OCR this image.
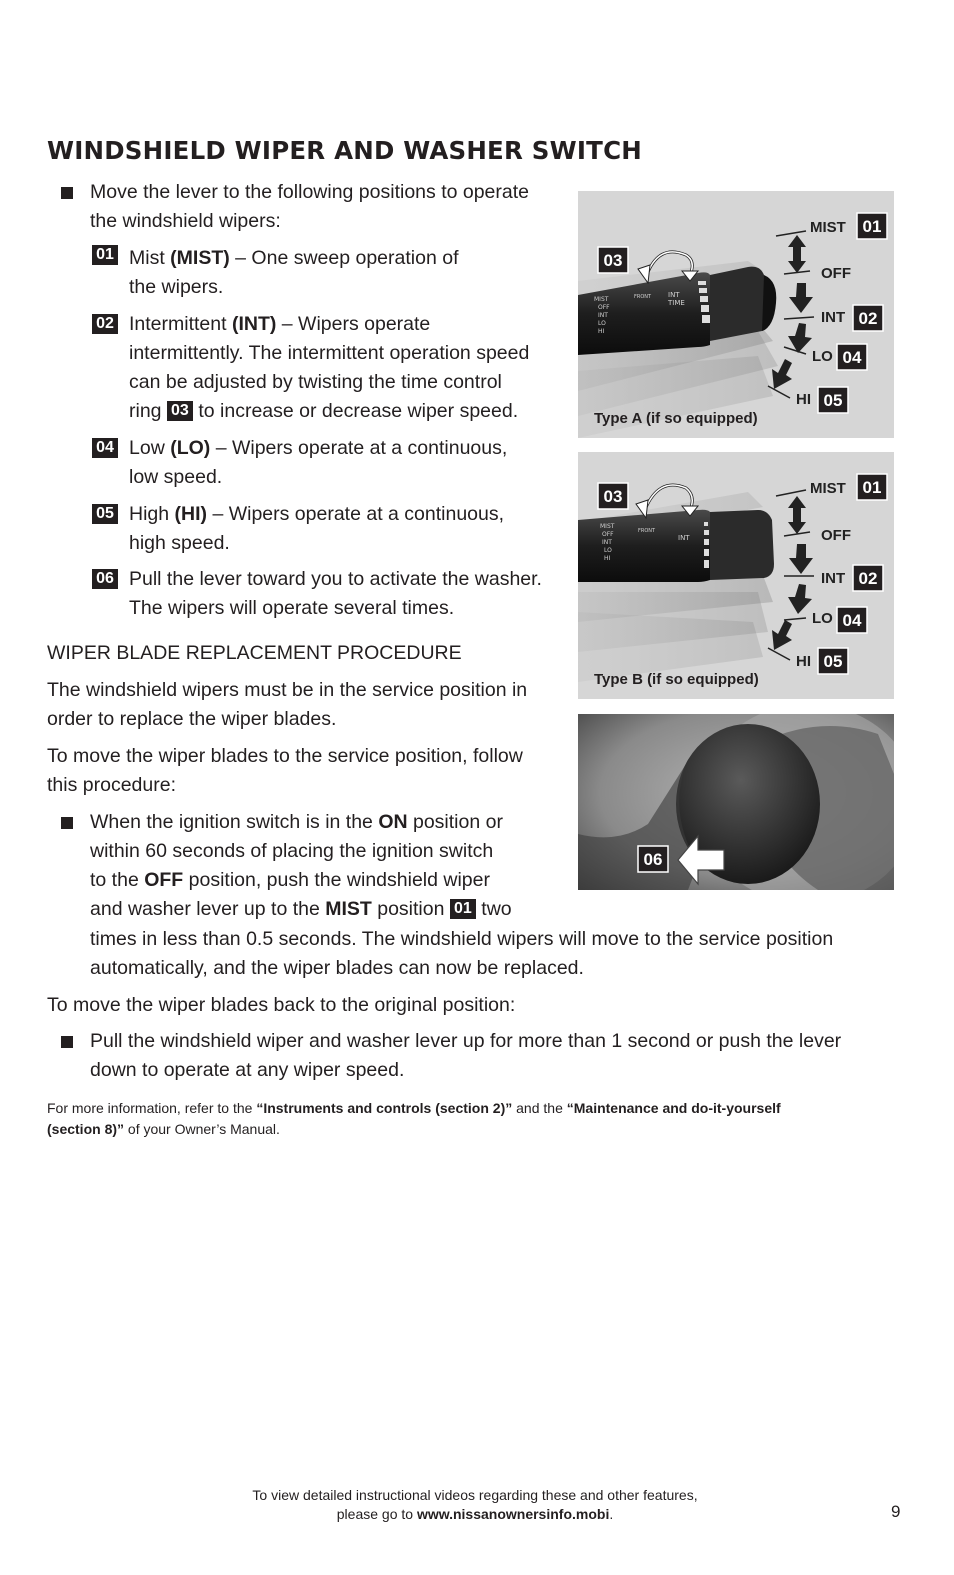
WINDSHIELD WIPER AND WASHER SWITCH
Move the lever to the following positions to operate
the windshield wipers:
01 Mist (MIST) – One sweep operation of
the wipers.
02 Intermittent (INT) – Wipers operate
intermittently. The intermittent operation speed
can be adjusted by twisting the time control
ring 03 to increase or decrease wiper speed.
04 Low (LO) – Wipers operate at a continuous,
low speed.
05 High (HI) – Wipers operate at a continuous,
high speed.
06 Pull the lever toward you to activate the washer.
The wipers will operate several times.
WIPER BLADE REPLACEMENT PROCEDURE
The windshield wipers must be in the service position in
order to replace the wiper blades.
To move the wiper blades to the service position, follow
this procedure:
When the ignition switch is in the ON position or
within 60 seconds of placing the ignition switch
to the OFF position, push the windshield wiper
and washer lever up to the MIST position 01 two
times in less than 0.5 seconds. The windshield wipers will move to the service position
automatically, and the wiper blades can now be replaced.
To move the wiper blades back to the original position:
Pull the windshield wiper and washer lever up for more than 1 second or push the lever
down to operate at any wiper speed.
For more information, refer to the “Instruments and controls (section 2)” and the “Maintenance and do-it-yourself
(section 8)” of your Owner’s Manual.
MIST
OFF
INT
LO
HI
FRONT INT
TIME
MIST
OFF
INT
LO
HI
01
02
04
05
03
Type A (if so equipped)
MIST
OFF
INT
LO
HI
FRONT
INT
MIST
OFF
INT
LO
HI
01
02
04
05
03
Type B (if so equipped)
06
To view detailed instructional videos regarding these and other features,
please go to www.nissanownersinfo.mobi.	9
